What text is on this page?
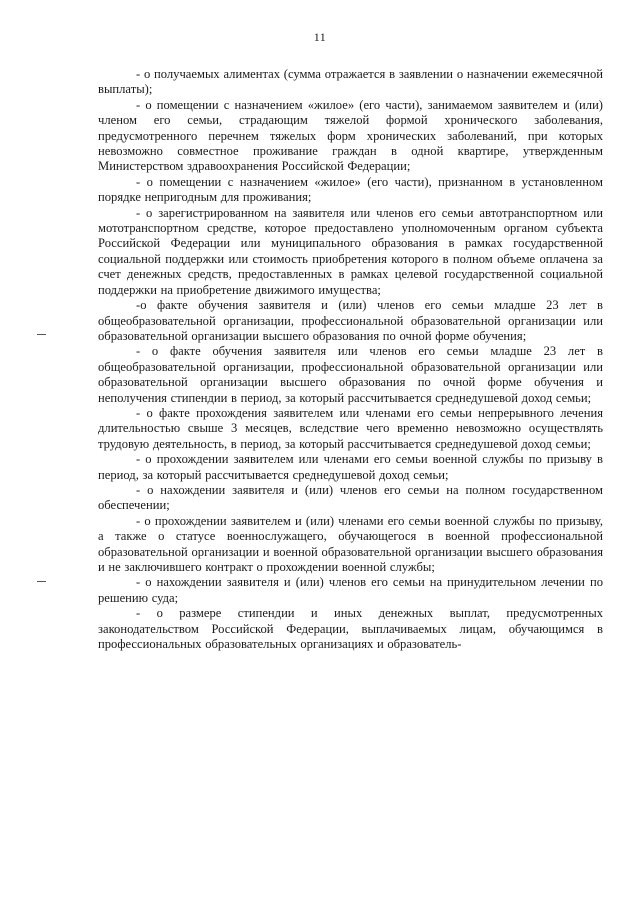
11

- о получаемых алиментах (сумма отражается в заявлении о назначении ежемесячной выплаты);

- о помещении с назначением «жилое» (его части), занимаемом заявителем и (или) членом его семьи, страдающим тяжелой формой хронического заболевания, предусмотренного перечнем тяжелых форм хронических заболеваний, при которых невозможно совместное проживание граждан в одной квартире, утвержденным Министерством здравоохранения Российской Федерации;

- о помещении с назначением «жилое» (его части), признанном в установленном порядке непригодным для проживания;

- о зарегистрированном на заявителя или членов его семьи автотранспортном или мототранспортном средстве, которое предоставлено уполномоченным органом субъекта Российской Федерации или муниципального образования в рамках государственной социальной поддержки или стоимость приобретения которого в полном объеме оплачена за счет денежных средств, предоставленных в рамках целевой государственной социальной поддержки на приобретение движимого имущества;

-о факте обучения заявителя и (или) членов его семьи младше 23 лет в общеобразовательной организации, профессиональной образовательной организации или образовательной организации высшего образования по очной форме обучения;

- о факте обучения заявителя или членов его семьи младше 23 лет в общеобразовательной организации, профессиональной образовательной организации или образовательной организации высшего образования по очной форме обучения и неполучения стипендии в период, за который рассчитывается среднедушевой доход семьи;

- о факте прохождения заявителем или членами его семьи непрерывного лечения длительностью свыше 3 месяцев, вследствие чего временно невозможно осуществлять трудовую деятельность, в период, за который рассчитывается среднедушевой доход семьи;

- о прохождении заявителем или членами его семьи военной службы по призыву в период, за который рассчитывается среднедушевой доход семьи;

- о нахождении заявителя и (или) членов его семьи на полном государственном обеспечении;

- о прохождении заявителем и (или) членами его семьи военной службы по призыву, а также о статусе военнослужащего, обучающегося в военной профессиональной образовательной организации и военной образовательной организации высшего образования и не заключившего контракт о прохождении военной службы;

- о нахождении заявителя и (или) членов его семьи на принудительном лечении по решению суда;

- о размере стипендии и иных денежных выплат, предусмотренных законодательством Российской Федерации, выплачиваемых лицам, обучающимся в профессиональных образовательных организациях и образователь-
